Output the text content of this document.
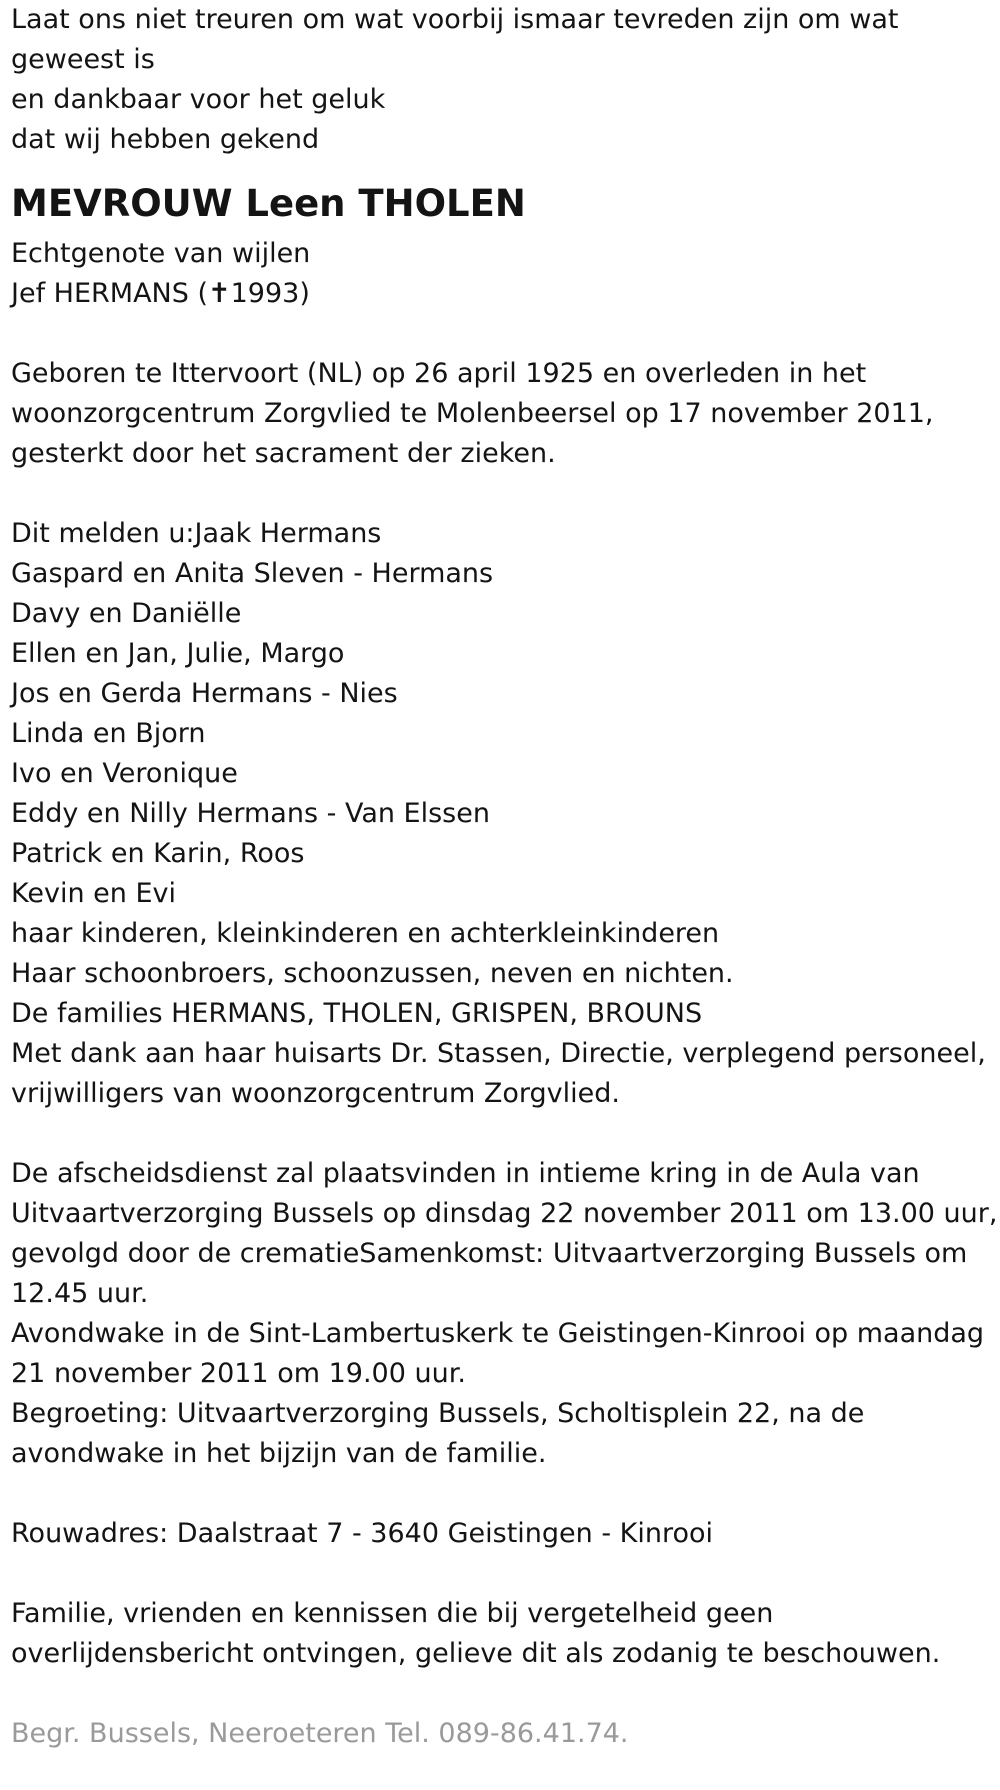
Laat ons niet treuren om wat voorbij ismaar tevreden zijn om wat
geweest is
en dankbaar voor het geluk
dat wij hebben gekend
MEVROUW Leen THOLEN
Echtgenote van wijlen
Jef HERMANS (✝1993)
Geboren te Ittervoort (NL) op 26 april 1925 en overleden in het
woonzorgcentrum Zorgvlied te Molenbeersel op 17 november 2011,
gesterkt door het sacrament der zieken.
Dit melden u:Jaak Hermans
Gaspard en Anita Sleven - Hermans
Davy en Daniëlle
Ellen en Jan, Julie, Margo
Jos en Gerda Hermans - Nies
Linda en Bjorn
Ivo en Veronique
Eddy en Nilly Hermans - Van Elssen
Patrick en Karin, Roos
Kevin en Evi
haar kinderen, kleinkinderen en achterkleinkinderen
Haar schoonbroers, schoonzussen, neven en nichten.
De families HERMANS, THOLEN, GRISPEN, BROUNS
Met dank aan haar huisarts Dr. Stassen, Directie, verplegend personeel,
vrijwilligers van woonzorgcentrum Zorgvlied.
De afscheidsdienst zal plaatsvinden in intieme kring in de Aula van
Uitvaartverzorging Bussels op dinsdag 22 november 2011 om 13.00 uur,
gevolgd door de crematieSamenkomst: Uitvaartverzorging Bussels om
12.45 uur.
Avondwake in de Sint-Lambertuskerk te Geistingen-Kinrooi op maandag
21 november 2011 om 19.00 uur.
Begroeting: Uitvaartverzorging Bussels, Scholtisplein 22, na de
avondwake in het bijzijn van de familie.
Rouwadres: Daalstraat 7 - 3640 Geistingen - Kinrooi
Familie, vrienden en kennissen die bij vergetelheid geen
overlijdensbericht ontvingen, gelieve dit als zodanig te beschouwen.
Begr. Bussels, Neeroeteren Tel. 089-86.41.74.
